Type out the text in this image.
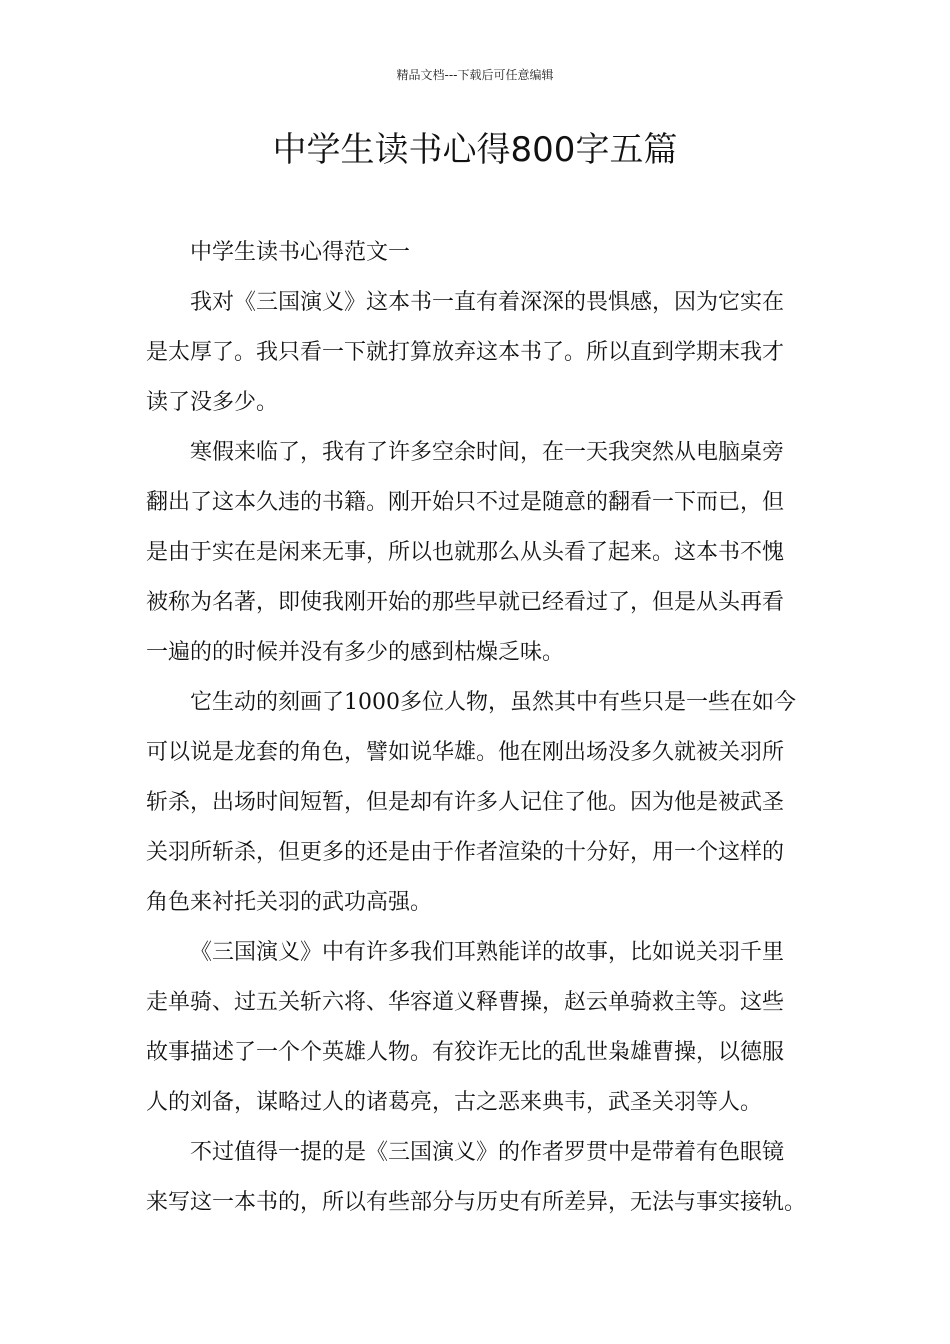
精品文档---下载后可任意编辑
中学生读书心得800字五篇
中学生读书心得范文一
我对《三国演义》这本书一直有着深深的畏惧感，因为它实在
是太厚了。我只看一下就打算放弃这本书了。所以直到学期末我才
读了没多少。
寒假来临了，我有了许多空余时间，在一天我突然从电脑桌旁
翻出了这本久违的书籍。刚开始只不过是随意的翻看一下而已，但
是由于实在是闲来无事，所以也就那么从头看了起来。这本书不愧
被称为名著，即使我刚开始的那些早就已经看过了，但是从头再看
一遍的的时候并没有多少的感到枯燥乏味。
它生动的刻画了1000多位人物，虽然其中有些只是一些在如今
可以说是龙套的角色，譬如说华雄。他在刚出场没多久就被关羽所
斩杀，出场时间短暂，但是却有许多人记住了他。因为他是被武圣
关羽所斩杀，但更多的还是由于作者渲染的十分好，用一个这样的
角色来衬托关羽的武功高强。
《三国演义》中有许多我们耳熟能详的故事，比如说关羽千里
走单骑、过五关斩六将、华容道义释曹操，赵云单骑救主等。这些
故事描述了一个个英雄人物。有狡诈无比的乱世枭雄曹操，以德服
人的刘备，谋略过人的诸葛亮，古之恶来典韦，武圣关羽等人。
不过值得一提的是《三国演义》的作者罗贯中是带着有色眼镜
来写这一本书的，所以有些部分与历史有所差异，无法与事实接轨。
